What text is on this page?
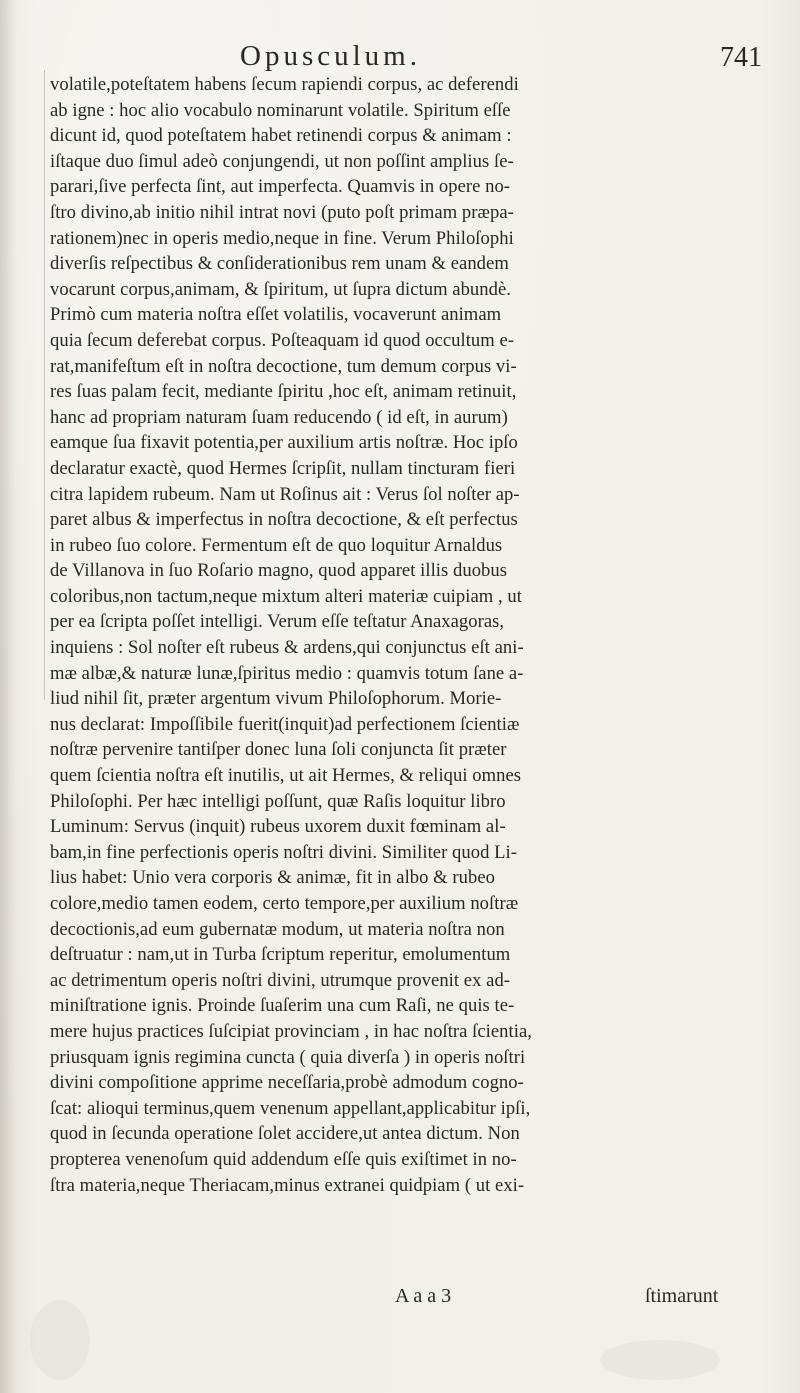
Opusculum.	741
volatile,poteſtatem habens ſecum rapiendi corpus, ac deferendi
ab igne : hoc alio vocabulo nominarunt volatile. Spiritum eſſe
dicunt id, quod poteſtatem habet retinendi corpus & animam :
iſtaque duo ſimul adeò conjungendi, ut non poſſint amplius ſe-
parari,ſive perfecta ſint, aut imperfecta. Quamvis in opere no-
ſtro divino,ab initio nihil intrat novi (puto poſt primam præpa-
rationem)nec in operis medio,neque in fine. Verum Philoſophi
diverſis reſpectibus & conſiderationibus rem unam & eandem
vocarunt corpus,animam, & ſpiritum, ut ſupra dictum abundè.
Primò cum materia noſtra eſſet volatilis, vocaverunt animam
quia ſecum deferebat corpus. Poſteaquam id quod occultum e-
rat,manifeſtum eſt in noſtra decoctione, tum demum corpus vi-
res ſuas palam fecit, mediante ſpiritu ,hoc eſt, animam retinuit,
hanc ad propriam naturam ſuam reducendo ( id eſt, in aurum)
eamque ſua fixavit potentia,per auxilium artis noſtræ. Hoc ipſo
declaratur exactè, quod Hermes ſcripſit, nullam tincturam fieri
citra lapidem rubeum. Nam ut Roſinus ait : Verus ſol noſter ap-
paret albus & imperfectus in noſtra decoctione, & eſt perfectus
in rubeo ſuo colore. Fermentum eſt de quo loquitur Arnaldus
de Villanova in ſuo Roſario magno, quod apparet illis duobus
coloribus,non tactum,neque mixtum alteri materiæ cuipiam , ut
per ea ſcripta poſſet intelligi. Verum eſſe teſtatur Anaxagoras,
inquiens : Sol noſter eſt rubeus & ardens,qui conjunctus eſt ani-
mæ albæ,& naturæ lunæ,ſpiritus medio : quamvis totum ſane a-
liud nihil ſit, præter argentum vivum Philoſophorum. Morie-
nus declarat: Impoſſibile fuerit(inquit)ad perfectionem ſcientiæ
noſtræ pervenire tantiſper donec luna ſoli conjuncta ſit præter
quem ſcientia noſtra eſt inutilis, ut ait Hermes, & reliqui omnes
Philoſophi. Per hæc intelligi poſſunt, quæ Raſis loquitur libro
Luminum: Servus (inquit) rubeus uxorem duxit fœminam al-
bam,in fine perfectionis operis noſtri divini. Similiter quod Li-
lius habet: Unio vera corporis & animæ, fit in albo & rubeo
colore,medio tamen eodem, certo tempore,per auxilium noſtræ
decoctionis,ad eum gubernatæ modum, ut materia noſtra non
deſtruatur : nam,ut in Turba ſcriptum reperitur, emolumentum
ac detrimentum operis noſtri divini, utrumque provenit ex ad-
miniſtratione ignis. Proinde ſuaſerim una cum Raſi, ne quis te-
mere hujus practices ſuſcipiat provinciam , in hac noſtra ſcientia,
priusquam ignis regimina cuncta ( quia diverſa ) in operis noſtri
divini compoſitione apprime neceſſaria,probè admodum cogno-
ſcat: alioqui terminus,quem venenum appellant,applicabitur ipſi,
quod in ſecunda operatione ſolet accidere,ut antea dictum. Non
propterea venenoſum quid addendum eſſe quis exiſtimet in no-
ſtra materia,neque Theriacam,minus extranei quidpiam ( ut exi-
A a a 3	ſtimarunt
